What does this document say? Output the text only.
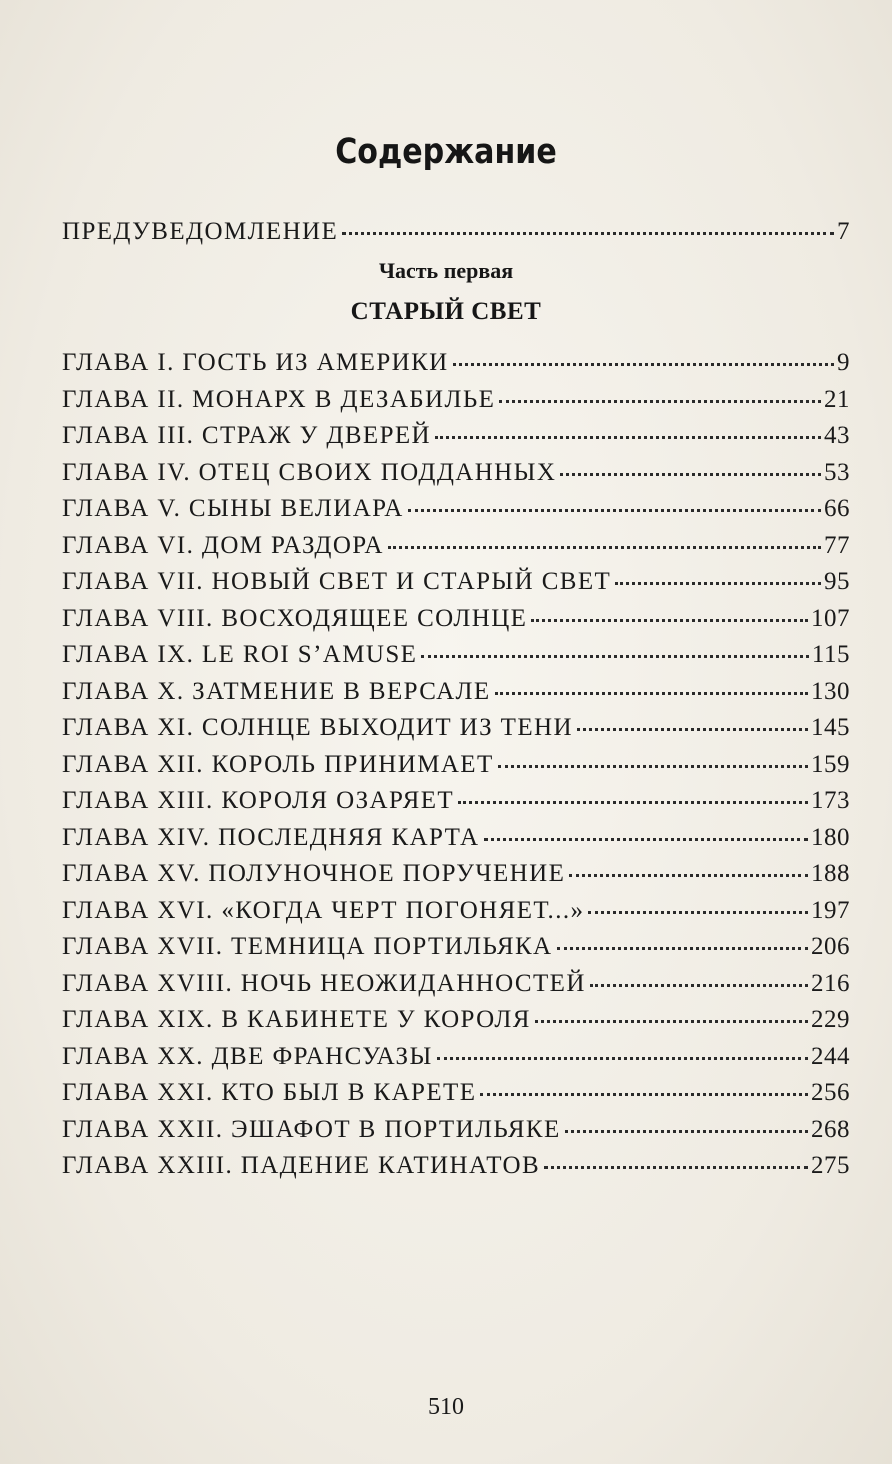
Содержание
ПРЕДУВЕДОМЛЕНИЕ	7
Часть первая
СТАРЫЙ СВЕТ
ГЛАВА I. ГОСТЬ ИЗ АМЕРИКИ	9
ГЛАВА II. МОНАРХ В ДЕЗАБИЛЬЕ	21
ГЛАВА III. СТРАЖ У ДВЕРЕЙ	43
ГЛАВА IV. ОТЕЦ СВОИХ ПОДДАННЫХ	53
ГЛАВА V. СЫНЫ ВЕЛИАРА	66
ГЛАВА VI. ДОМ РАЗДОРА	77
ГЛАВА VII. НОВЫЙ СВЕТ И СТАРЫЙ СВЕТ	95
ГЛАВА VIII. ВОСХОДЯЩЕЕ СОЛНЦЕ	107
ГЛАВА IX. LE ROI S’AMUSE	115
ГЛАВА X. ЗАТМЕНИЕ В ВЕРСАЛЕ	130
ГЛАВА XI. СОЛНЦЕ ВЫХОДИТ ИЗ ТЕНИ	145
ГЛАВА XII. КОРОЛЬ ПРИНИМАЕТ	159
ГЛАВА XIII. КОРОЛЯ ОЗАРЯЕТ	173
ГЛАВА XIV. ПОСЛЕДНЯЯ КАРТА	180
ГЛАВА XV. ПОЛУНОЧНОЕ ПОРУЧЕНИЕ	188
ГЛАВА XVI. «КОГДА ЧЕРТ ПОГОНЯЕТ...»	197
ГЛАВА XVII. ТЕМНИЦА ПОРТИЛЬЯКА	206
ГЛАВА XVIII. НОЧЬ НЕОЖИДАННОСТЕЙ	216
ГЛАВА XIX. В КАБИНЕТЕ У КОРОЛЯ	229
ГЛАВА XX. ДВЕ ФРАНСУАЗЫ	244
ГЛАВА XXI. КТО БЫЛ В КАРЕТЕ	256
ГЛАВА XXII. ЭШАФОТ В ПОРТИЛЬЯКЕ	268
ГЛАВА XXIII. ПАДЕНИЕ КАТИНАТОВ	275
510
